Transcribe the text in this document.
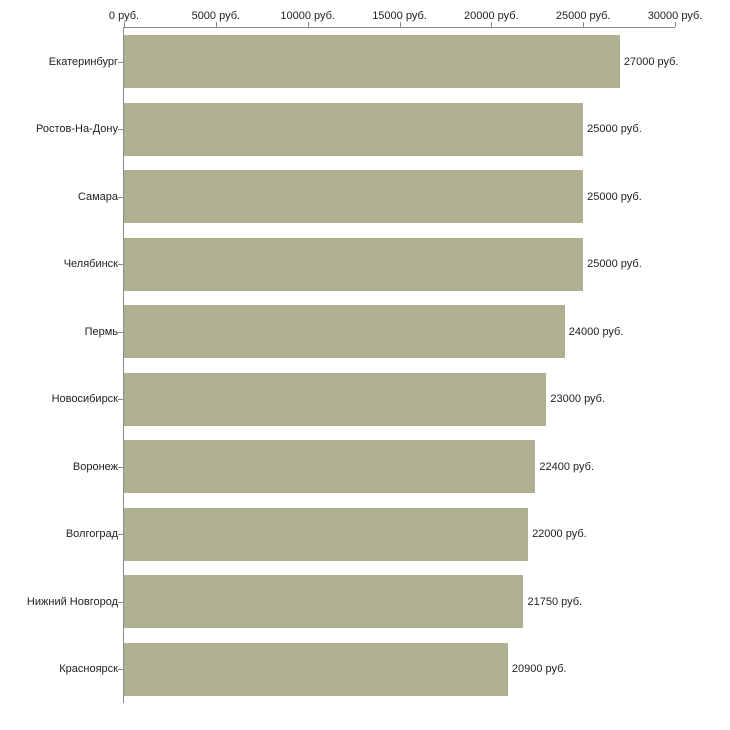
0 руб.	5000 руб.	10000 руб.	15000 руб.	20000 руб.	25000 руб.	30000 руб.
Екатеринбург
Ростов-На-Дону
Самара
Челябинск
Пермь
Новосибирск
Воронеж
Волгоград
Нижний Новгород
Красноярск
27000 руб.
25000 руб.
25000 руб.
25000 руб.
24000 руб.
23000 руб.
22400 руб.
22000 руб.
21750 руб.
20900 руб.
